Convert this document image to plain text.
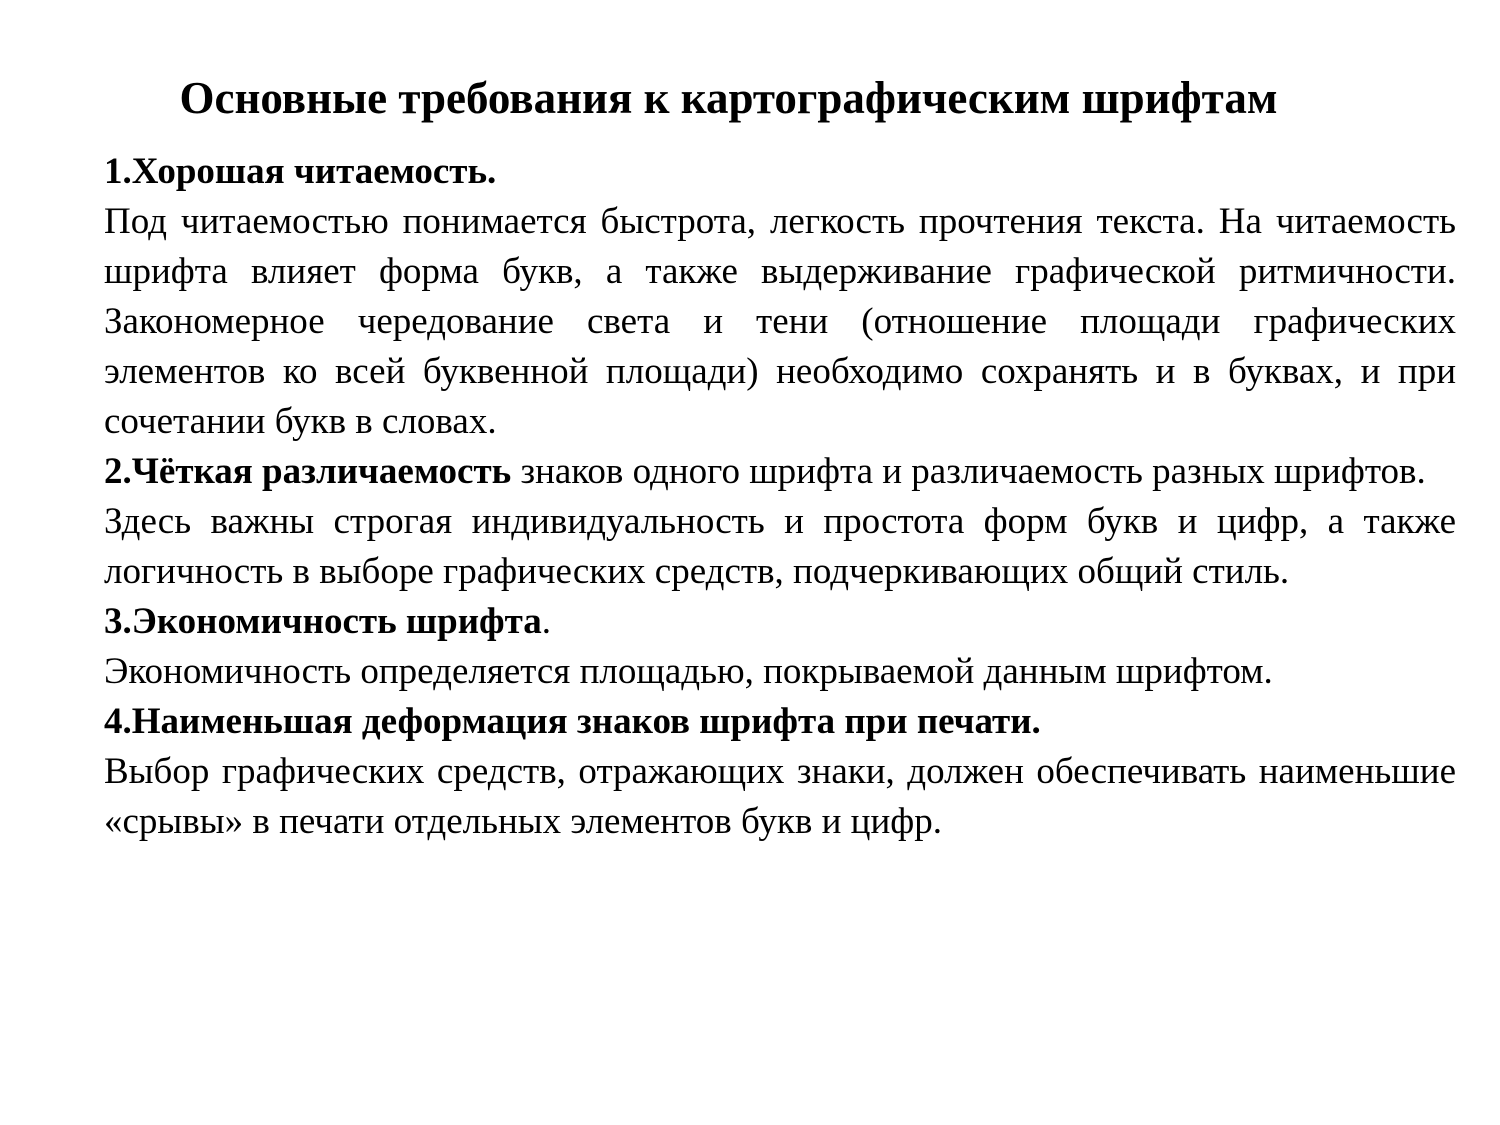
Основные требования к картографическим шрифтам

1.Хорошая читаемость.

Под читаемостью понимается быстрота, легкость прочтения текста. На читаемость шрифта влияет форма букв, а также выдерживание графической ритмичности. Закономерное чередование света и тени (отношение площади графических элементов ко всей буквенной площади) необходимо сохранять и в буквах, и при сочетании букв в словах.

2.Чёткая различаемость знаков одного шрифта и различаемость разных шрифтов.

Здесь важны строгая индивидуальность и простота форм букв и цифр, а также логичность в выборе графических средств, подчеркивающих общий стиль.

3.Экономичность шрифта.

Экономичность определяется площадью, покрываемой данным шрифтом.

4.Наименьшая деформация знаков шрифта при печати.

Выбор графических средств, отражающих знаки, должен обеспечивать наименьшие «срывы» в печати отдельных элементов букв и цифр.
